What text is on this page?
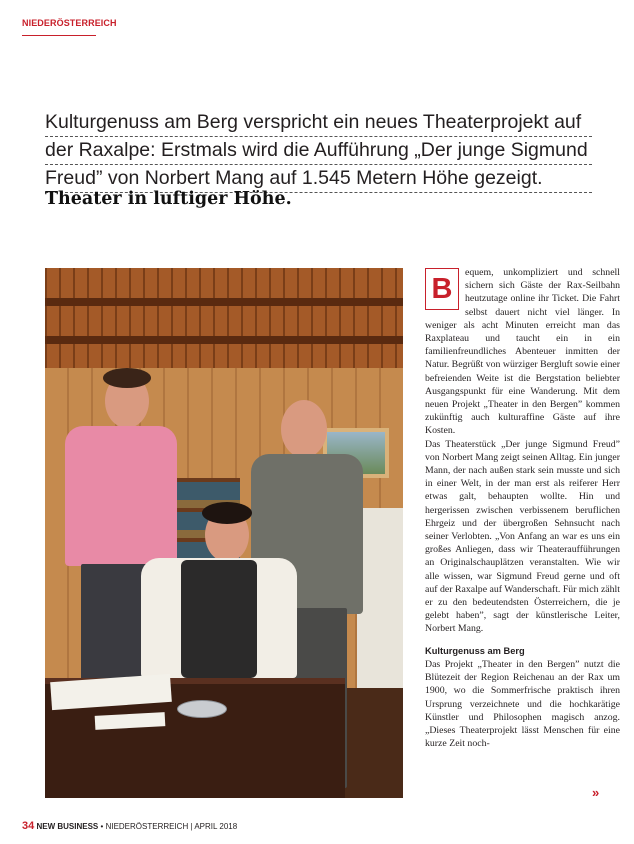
NIEDERÖSTERREICH
Kulturgenuss am Berg verspricht ein neues Theaterprojekt auf
der Raxalpe: Erstmals wird die Aufführung „Der junge Sigmund
Freud” von Norbert Mang auf 1.545 Metern Höhe gezeigt.
Theater in luftiger Höhe.
B

equem, unkompliziert und schnell sichern sich Gäste der Rax-Seilbahn heutzutage online ihr Ticket. Die Fahrt selbst dauert nicht viel länger. In weniger als acht Minuten erreicht man das Raxplateau und taucht ein in ein familienfreundliches Abenteuer inmitten der Natur. Begrüßt von würziger Bergluft sowie einer befreienden Weite ist die Bergstation beliebter Ausgangspunkt für eine Wanderung. Mit dem neuen Projekt „Theater in den Bergen” kommen zukünftig auch kulturaffine Gäste auf ihre Kosten.

Das Theaterstück „Der junge Sigmund Freud” von Norbert Mang zeigt seinen Alltag. Ein junger Mann, der nach außen stark sein musste und sich in einer Welt, in der man erst als reiferer Herr etwas galt, behaupten wollte. Hin und hergerissen zwischen verbissenem beruflichen Ehrgeiz und der übergroßen Sehnsucht nach seiner Verlobten. „Von Anfang an war es uns ein großes Anliegen, dass wir Theateraufführungen an Originalschauplätzen veranstalten. Wie wir alle wissen, war Sigmund Freud gerne und oft auf der Raxalpe auf Wanderschaft. Für mich zählt er zu den bedeutendsten Österreichern, die je gelebt haben”, sagt der künstlerische Leiter, Norbert Mang.

Kulturgenuss am Berg

Das Projekt „Theater in den Bergen” nutzt die Blütezeit der Region Reichenau an der Rax um 1900, wo die Sommerfrische praktisch ihren Ursprung verzeichnete und die hochkarätige Künstler und Philosophen magisch anzog. „Dieses Theaterprojekt lässt Menschen für eine kurze Zeit noch-

»
34 NEW BUSINESS • NIEDERÖSTERREICH | APRIL 2018
